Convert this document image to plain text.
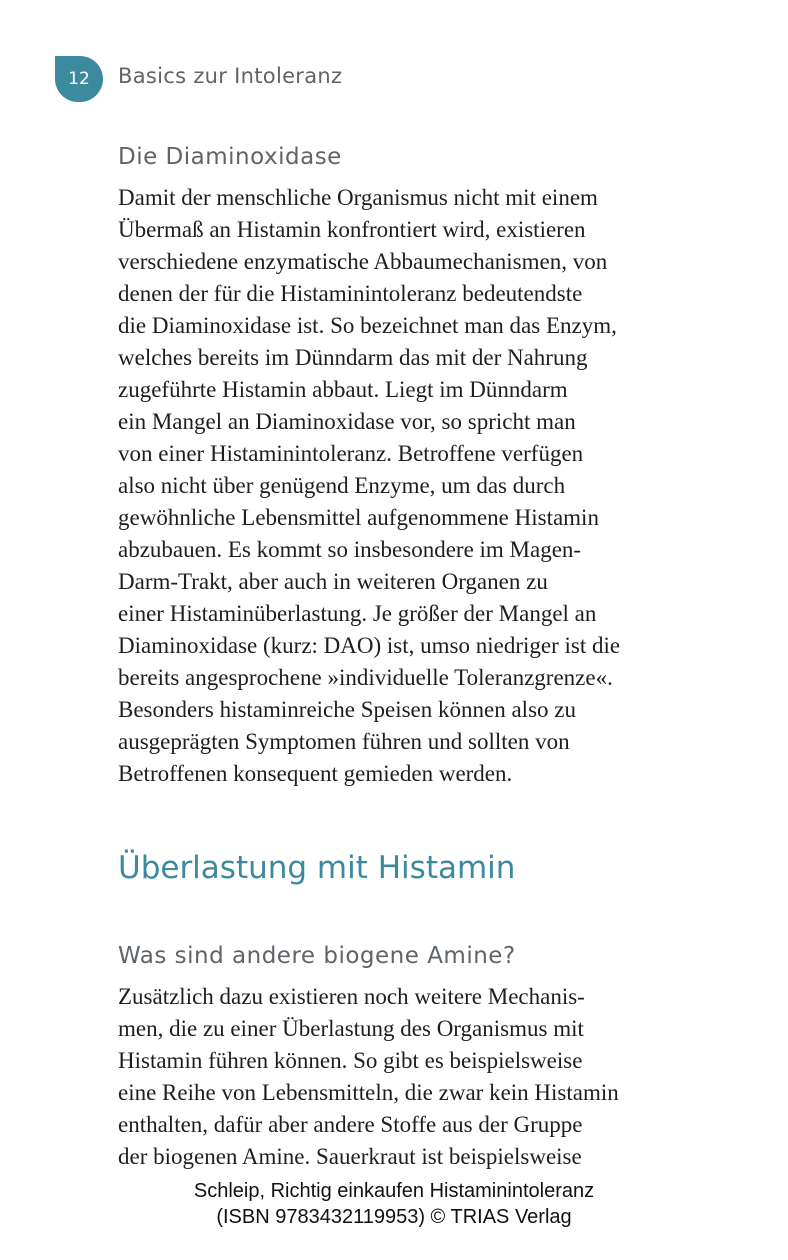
12	Basics zur Intoleranz
Die Diaminoxidase
Damit der menschliche Organismus nicht mit einem
Übermaß an Histamin konfrontiert wird, existieren
verschiedene enzymatische Abbaumechanismen, von
denen der für die Histaminintoleranz bedeutendste
die Diaminoxidase ist. So bezeichnet man das Enzym,
welches bereits im Dünndarm das mit der Nahrung
zugeführte Histamin abbaut. Liegt im Dünndarm
ein Mangel an Diaminoxidase vor, so spricht man
von einer Histaminintoleranz. Betroffene verfügen
also nicht über genügend Enzyme, um das durch
gewöhnliche Lebensmittel aufgenommene Histamin
abzubauen. Es kommt so insbesondere im Magen-
Darm-Trakt, aber auch in weiteren Organen zu
einer Histaminüberlastung. Je größer der Mangel an
Diaminoxidase (kurz: DAO) ist, umso niedriger ist die
bereits angesprochene »individuelle Toleranzgrenze«.
Besonders histaminreiche Speisen können also zu
ausgeprägten Symptomen führen und sollten von
Betroffenen konsequent gemieden werden.
Überlastung mit Histamin
Was sind andere biogene Amine?
Zusätzlich dazu existieren noch weitere Mechanis-
men, die zu einer Überlastung des Organismus mit
Histamin führen können. So gibt es beispielsweise
eine Reihe von Lebensmitteln, die zwar kein Histamin
enthalten, dafür aber andere Stoffe aus der Gruppe
der biogenen Amine. Sauerkraut ist beispielsweise
Schleip, Richtig einkaufen Histaminintoleranz
(ISBN 9783432119953) © TRIAS Verlag
